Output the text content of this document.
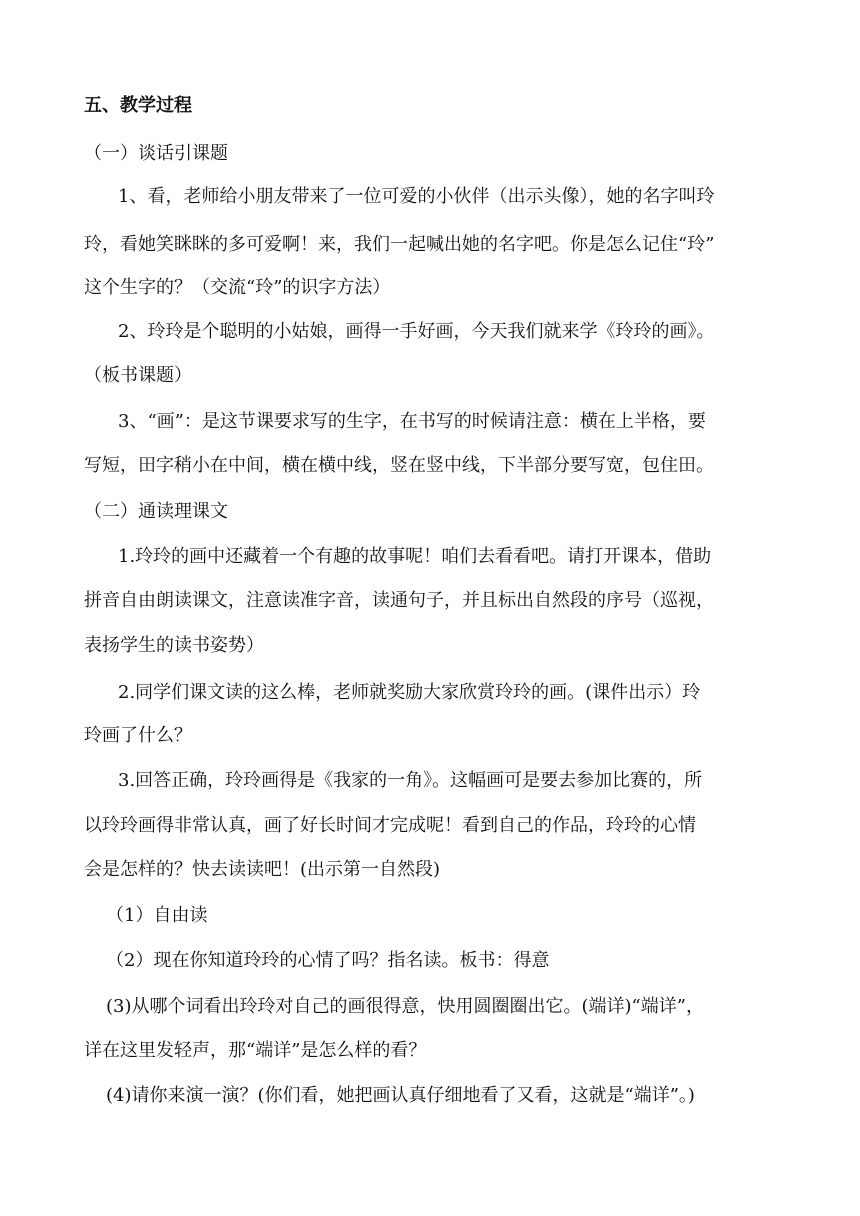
五、教学过程
（一）谈话引课题
1、看，老师给小朋友带来了一位可爱的小伙伴（出示头像），她的名字叫玲
玲，看她笑眯眯的多可爱啊！来，我们一起喊出她的名字吧。你是怎么记住“玲”
这个生字的？（交流“玲”的识字方法）
2、玲玲是个聪明的小姑娘，画得一手好画，今天我们就来学《玲玲的画》。
（板书课题）
3、“画”：是这节课要求写的生字，在书写的时候请注意：横在上半格，要
写短，田字稍小在中间，横在横中线，竖在竖中线，下半部分要写宽，包住田。
（二）通读理课文
1.玲玲的画中还藏着一个有趣的故事呢！咱们去看看吧。请打开课本，借助
拼音自由朗读课文，注意读准字音，读通句子，并且标出自然段的序号（巡视，
表扬学生的读书姿势）
2.同学们课文读的这么棒，老师就奖励大家欣赏玲玲的画。(课件出示）玲
玲画了什么？
3.回答正确，玲玲画得是《我家的一角》。这幅画可是要去参加比赛的，所
以玲玲画得非常认真，画了好长时间才完成呢！看到自己的作品，玲玲的心情
会是怎样的？快去读读吧！(出示第一自然段)
（1）自由读
（2）现在你知道玲玲的心情了吗？指名读。板书：得意
(3)从哪个词看出玲玲对自己的画很得意，快用圆圈圈出它。(端详)“端详”，
详在这里发轻声，那“端详”是怎么样的看？
(4)请你来演一演？(你们看，她把画认真仔细地看了又看，这就是“端详”。)
